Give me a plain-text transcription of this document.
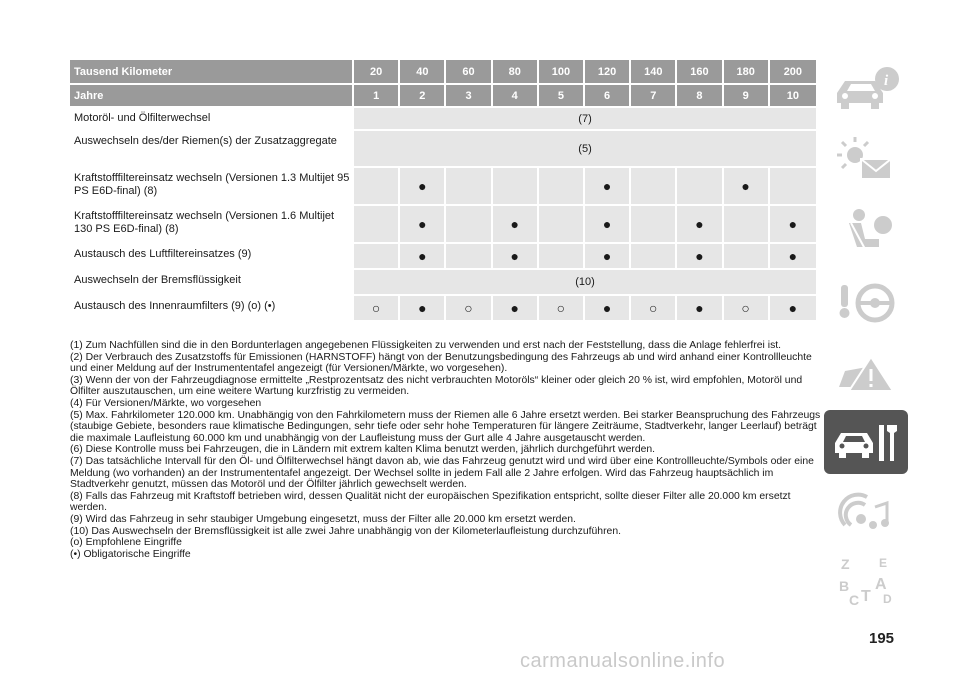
Tausend Kilometer	20	40	60	80	100	120	140	160	180	200
Jahre	1	2	3	4	5	6	7	8	9	10
Motoröl- und Ölfilterwechsel	(7)									
Auswechseln des/der Riemen(s) der Zusatzaggregate	(5)									
Kraftstofffiltereinsatz wechseln (Versionen 1.3 Multijet 95 PS E6D-final) (8)		●				●			●	
Kraftstofffiltereinsatz wechseln (Versionen 1.6 Multijet 130 PS E6D-final) (8)		●		●		●		●		●
Austausch des Luftfiltereinsatzes (9)		●		●		●		●		●
Auswechseln der Bremsflüssigkeit	(10)									
Austausch des Innenraumfilters (9) (o) (•)	○	●	○	●	○	●	○	●	○	●
(1) Zum Nachfüllen sind die in den Bordunterlagen angegebenen Flüssigkeiten zu verwenden und erst nach der Feststellung, dass die Anlage fehlerfrei ist.
(2) Der Verbrauch des Zusatzstoffs für Emissionen (HARNSTOFF) hängt von der Benutzungsbedingung des Fahrzeugs ab und wird anhand einer Kontrollleuchte und einer Meldung auf der Instrumententafel angezeigt (für Versionen/Märkte, wo vorgesehen).
(3) Wenn der von der Fahrzeugdiagnose ermittelte „Restprozentsatz des nicht verbrauchten Motoröls“ kleiner oder gleich 20 % ist, wird empfohlen, Motoröl und Ölfilter auszutauschen, um eine weitere Wartung kurzfristig zu vermeiden.
(4) Für Versionen/Märkte, wo vorgesehen
(5) Max. Fahrkilometer 120.000 km. Unabhängig von den Fahrkilometern muss der Riemen alle 6 Jahre ersetzt werden. Bei starker Beanspruchung des Fahrzeugs (staubige Gebiete, besonders raue klimatische Bedingungen, sehr tiefe oder sehr hohe Temperaturen für längere Zeiträume, Stadtverkehr, langer Leerlauf) beträgt die maximale Laufleistung 60.000 km und unabhängig von der Laufleistung muss der Gurt alle 4 Jahre ausgetauscht werden.
(6) Diese Kontrolle muss bei Fahrzeugen, die in Ländern mit extrem kalten Klima benutzt werden, jährlich durchgeführt werden.
(7) Das tatsächliche Intervall für den Öl- und Ölfilterwechsel hängt davon ab, wie das Fahrzeug genutzt wird und wird über eine Kontrollleuchte/Symbols oder eine Meldung (wo vorhanden) an der Instrumententafel angezeigt. Der Wechsel sollte in jedem Fall alle 2 Jahre erfolgen. Wird das Fahrzeug hauptsächlich im Stadtverkehr genutzt, müssen das Motoröl und der Ölfilter jährlich gewechselt werden.
(8) Falls das Fahrzeug mit Kraftstoff betrieben wird, dessen Qualität nicht der europäischen Spezifikation entspricht, sollte dieser Filter alle 20.000 km ersetzt werden.
(9) Wird das Fahrzeug in sehr staubiger Umgebung eingesetzt, muss der Filter alle 20.000 km ersetzt werden.
(10) Das Auswechseln der Bremsflüssigkeit ist alle zwei Jahre unabhängig von der Kilometerlaufleistung durchzuführen.
(o) Empfohlene Eingriffe
(•) Obligatorische Eingriffe
i
Z E
B A
C T D
195
carmanualsonline.info
